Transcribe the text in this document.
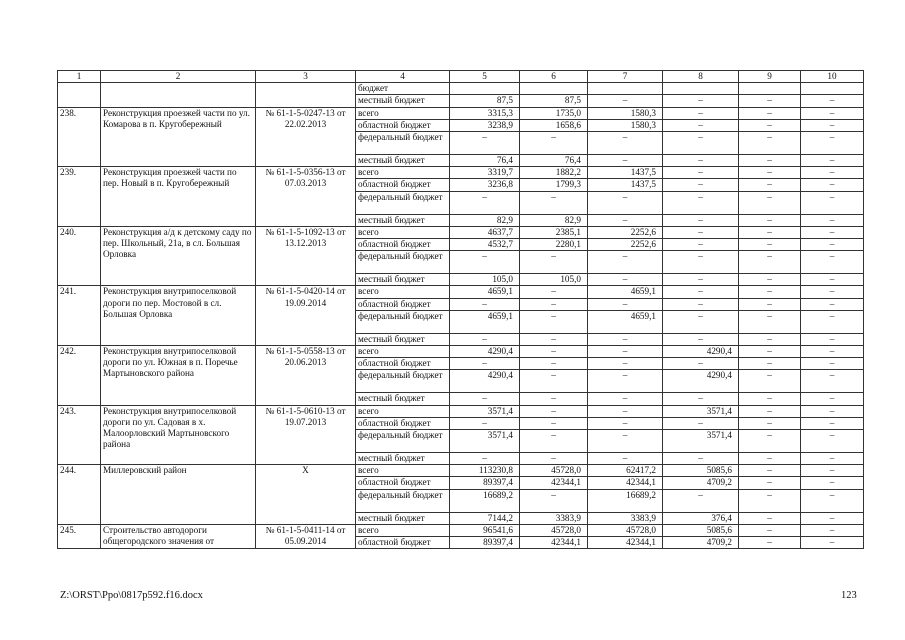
1	2	3	4	5	6	7	8	9	10
			бюджет						
			местный бюджет	87,5	87,5	–	–	–	–
238.	Реконструкция проезжей части по ул. Комарова в п. Кругобережный	№ 61-1-5-0247-13 от 22.02.2013	всего	3315,3	1735,0	1580,3	–	–	–
			областной бюджет	3238,9	1658,6	1580,3	–	–	–
			федеральный бюджет	–	–	–	–	–	–
			местный бюджет	76,4	76,4	–	–	–	–
239.	Реконструкция проезжей части по пер. Новый в п. Кругобережный	№ 61-1-5-0356-13 от 07.03.2013	всего	3319,7	1882,2	1437,5	–	–	–
			областной бюджет	3236,8	1799,3	1437,5	–	–	–
			федеральный бюджет	–	–	–	–	–	–
			местный бюджет	82,9	82,9	–	–	–	–
240.	Реконструкция а/д к детскому саду по пер. Школьный, 21а, в сл. Большая Орловка	№ 61-1-5-1092-13 от 13.12.2013	всего	4637,7	2385,1	2252,6	–	–	–
			областной бюджет	4532,7	2280,1	2252,6	–	–	–
			федеральный бюджет	–	–	–	–	–	–
			местный бюджет	105,0	105,0	–	–	–	–
241.	Реконструкция внутрипоселковой дороги по пер. Мостовой в сл. Большая Орловка	№ 61-1-5-0420-14 от 19.09.2014	всего	4659,1	–	4659,1	–	–	–
			областной бюджет	–	–	–	–	–	–
			федеральный бюджет	4659,1	–	4659,1	–	–	–
			местный бюджет	–	–	–	–	–	–
242.	Реконструкция внутрипоселковой дороги по ул. Южная в п. Поречье Мартыновского района	№ 61-1-5-0558-13 от 20.06.2013	всего	4290,4	–	–	4290,4	–	–
			областной бюджет	–	–	–	–	–	–
			федеральный бюджет	4290,4	–	–	4290,4	–	–
			местный бюджет	–	–	–	–	–	–
243.	Реконструкция внутрипоселковой дороги по ул. Садовая в х. Малоорловский Мартыновского района	№ 61-1-5-0610-13 от 19.07.2013	всего	3571,4	–	–	3571,4	–	–
			областной бюджет	–	–	–	–	–	–
			федеральный бюджет	3571,4	–	–	3571,4	–	–
			местный бюджет	–	–	–	–	–	–
244.	Миллеровский район	Х	всего	113230,8	45728,0	62417,2	5085,6	–	–
			областной бюджет	89397,4	42344,1	42344,1	4709,2	–	–
			федеральный бюджет	16689,2	–	16689,2	–	–	–
			местный бюджет	7144,2	3383,9	3383,9	376,4	–	–
245.	Строительство автодороги общегородского значения от	№ 61-1-5-0411-14 от 05.09.2014	всего	96541,6	45728,0	45728,0	5085,6	–	–
			областной бюджет	89397,4	42344,1	42344,1	4709,2	–	–
Z:\ORST\Ppo\0817p592.f16.docx	123
